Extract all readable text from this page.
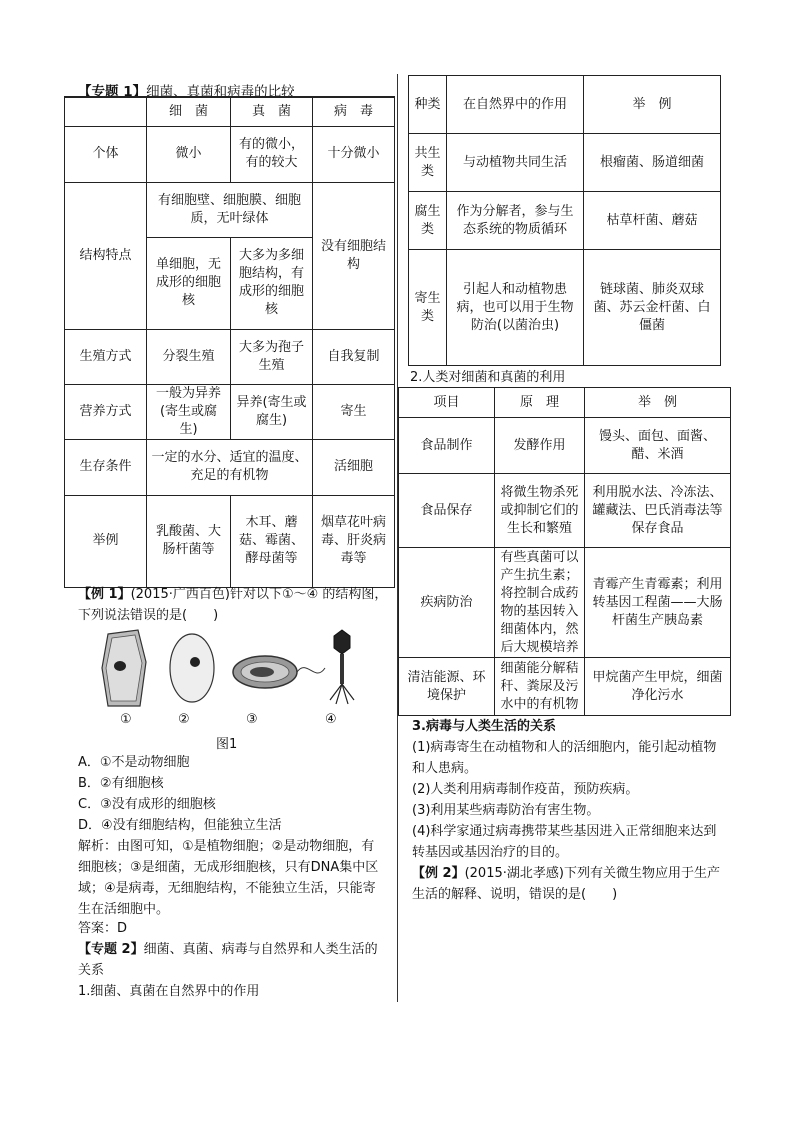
【专题 1】细菌、真菌和病毒的比较
	细　菌	真　菌	病　毒
个体	微小	有的微小，有的较大	十分微小
结构特点	有细胞壁、细胞膜、细胞质，无叶绿体		没有细胞结构
	单细胞，无成形的细胞核	大多为多细胞结构，有成形的细胞核	
生殖方式	分裂生殖	大多为孢子生殖	自我复制
营养方式	一般为异养(寄生或腐生)	异养(寄生或腐生)	寄生
生存条件	一定的水分、适宜的温度、充足的有机物		活细胞
举例	乳酸菌、大肠杆菌等	木耳、蘑菇、霉菌、酵母菌等	烟草花叶病毒、肝炎病毒等
【例 1】(2015·广西百色)针对以下①～④ 的结构图，下列说法错误的是(　　)
①	②	③	④
图1
A．①不是动物细胞
B．②有细胞核
C．③没有成形的细胞核
D．④没有细胞结构，但能独立生活
解析：由图可知，①是植物细胞；②是动物细胞，有细胞核；③是细菌，无成形细胞核，只有DNA集中区域；④是病毒，无细胞结构，不能独立生活，只能寄生在活细胞中。
答案：D
【专题 2】细菌、真菌、病毒与自然界和人类生活的关系
1.细菌、真菌在自然界中的作用
种类	在自然界中的作用	举　例
共生类	与动植物共同生活	根瘤菌、肠道细菌
腐生类	作为分解者，参与生态系统的物质循环	枯草杆菌、蘑菇
寄生类	引起人和动植物患病，也可以用于生物防治(以菌治虫)	链球菌、肺炎双球菌、苏云金杆菌、白僵菌
2.人类对细菌和真菌的利用
项目	原　理	举　例
食品制作	发酵作用	馒头、面包、面酱、醋、米酒
食品保存	将微生物杀死或抑制它们的生长和繁殖	利用脱水法、冷冻法、罐藏法、巴氏消毒法等保存食品
疾病防治	有些真菌可以产生抗生素；将控制合成药物的基因转入细菌体内，然后大规模培养	青霉产生青霉素；利用转基因工程菌——大肠杆菌生产胰岛素
清洁能源、环境保护	细菌能分解秸秆、粪尿及污水中的有机物	甲烷菌产生甲烷，细菌净化污水
3.病毒与人类生活的关系
(1)病毒寄生在动植物和人的活细胞内，能引起动植物和人患病。
(2)人类利用病毒制作疫苗，预防疾病。
(3)利用某些病毒防治有害生物。
(4)科学家通过病毒携带某些基因进入正常细胞来达到转基因或基因治疗的目的。
【例 2】(2015·湖北孝感)下列有关微生物应用于生产生活的解释、说明，错误的是(　　)
